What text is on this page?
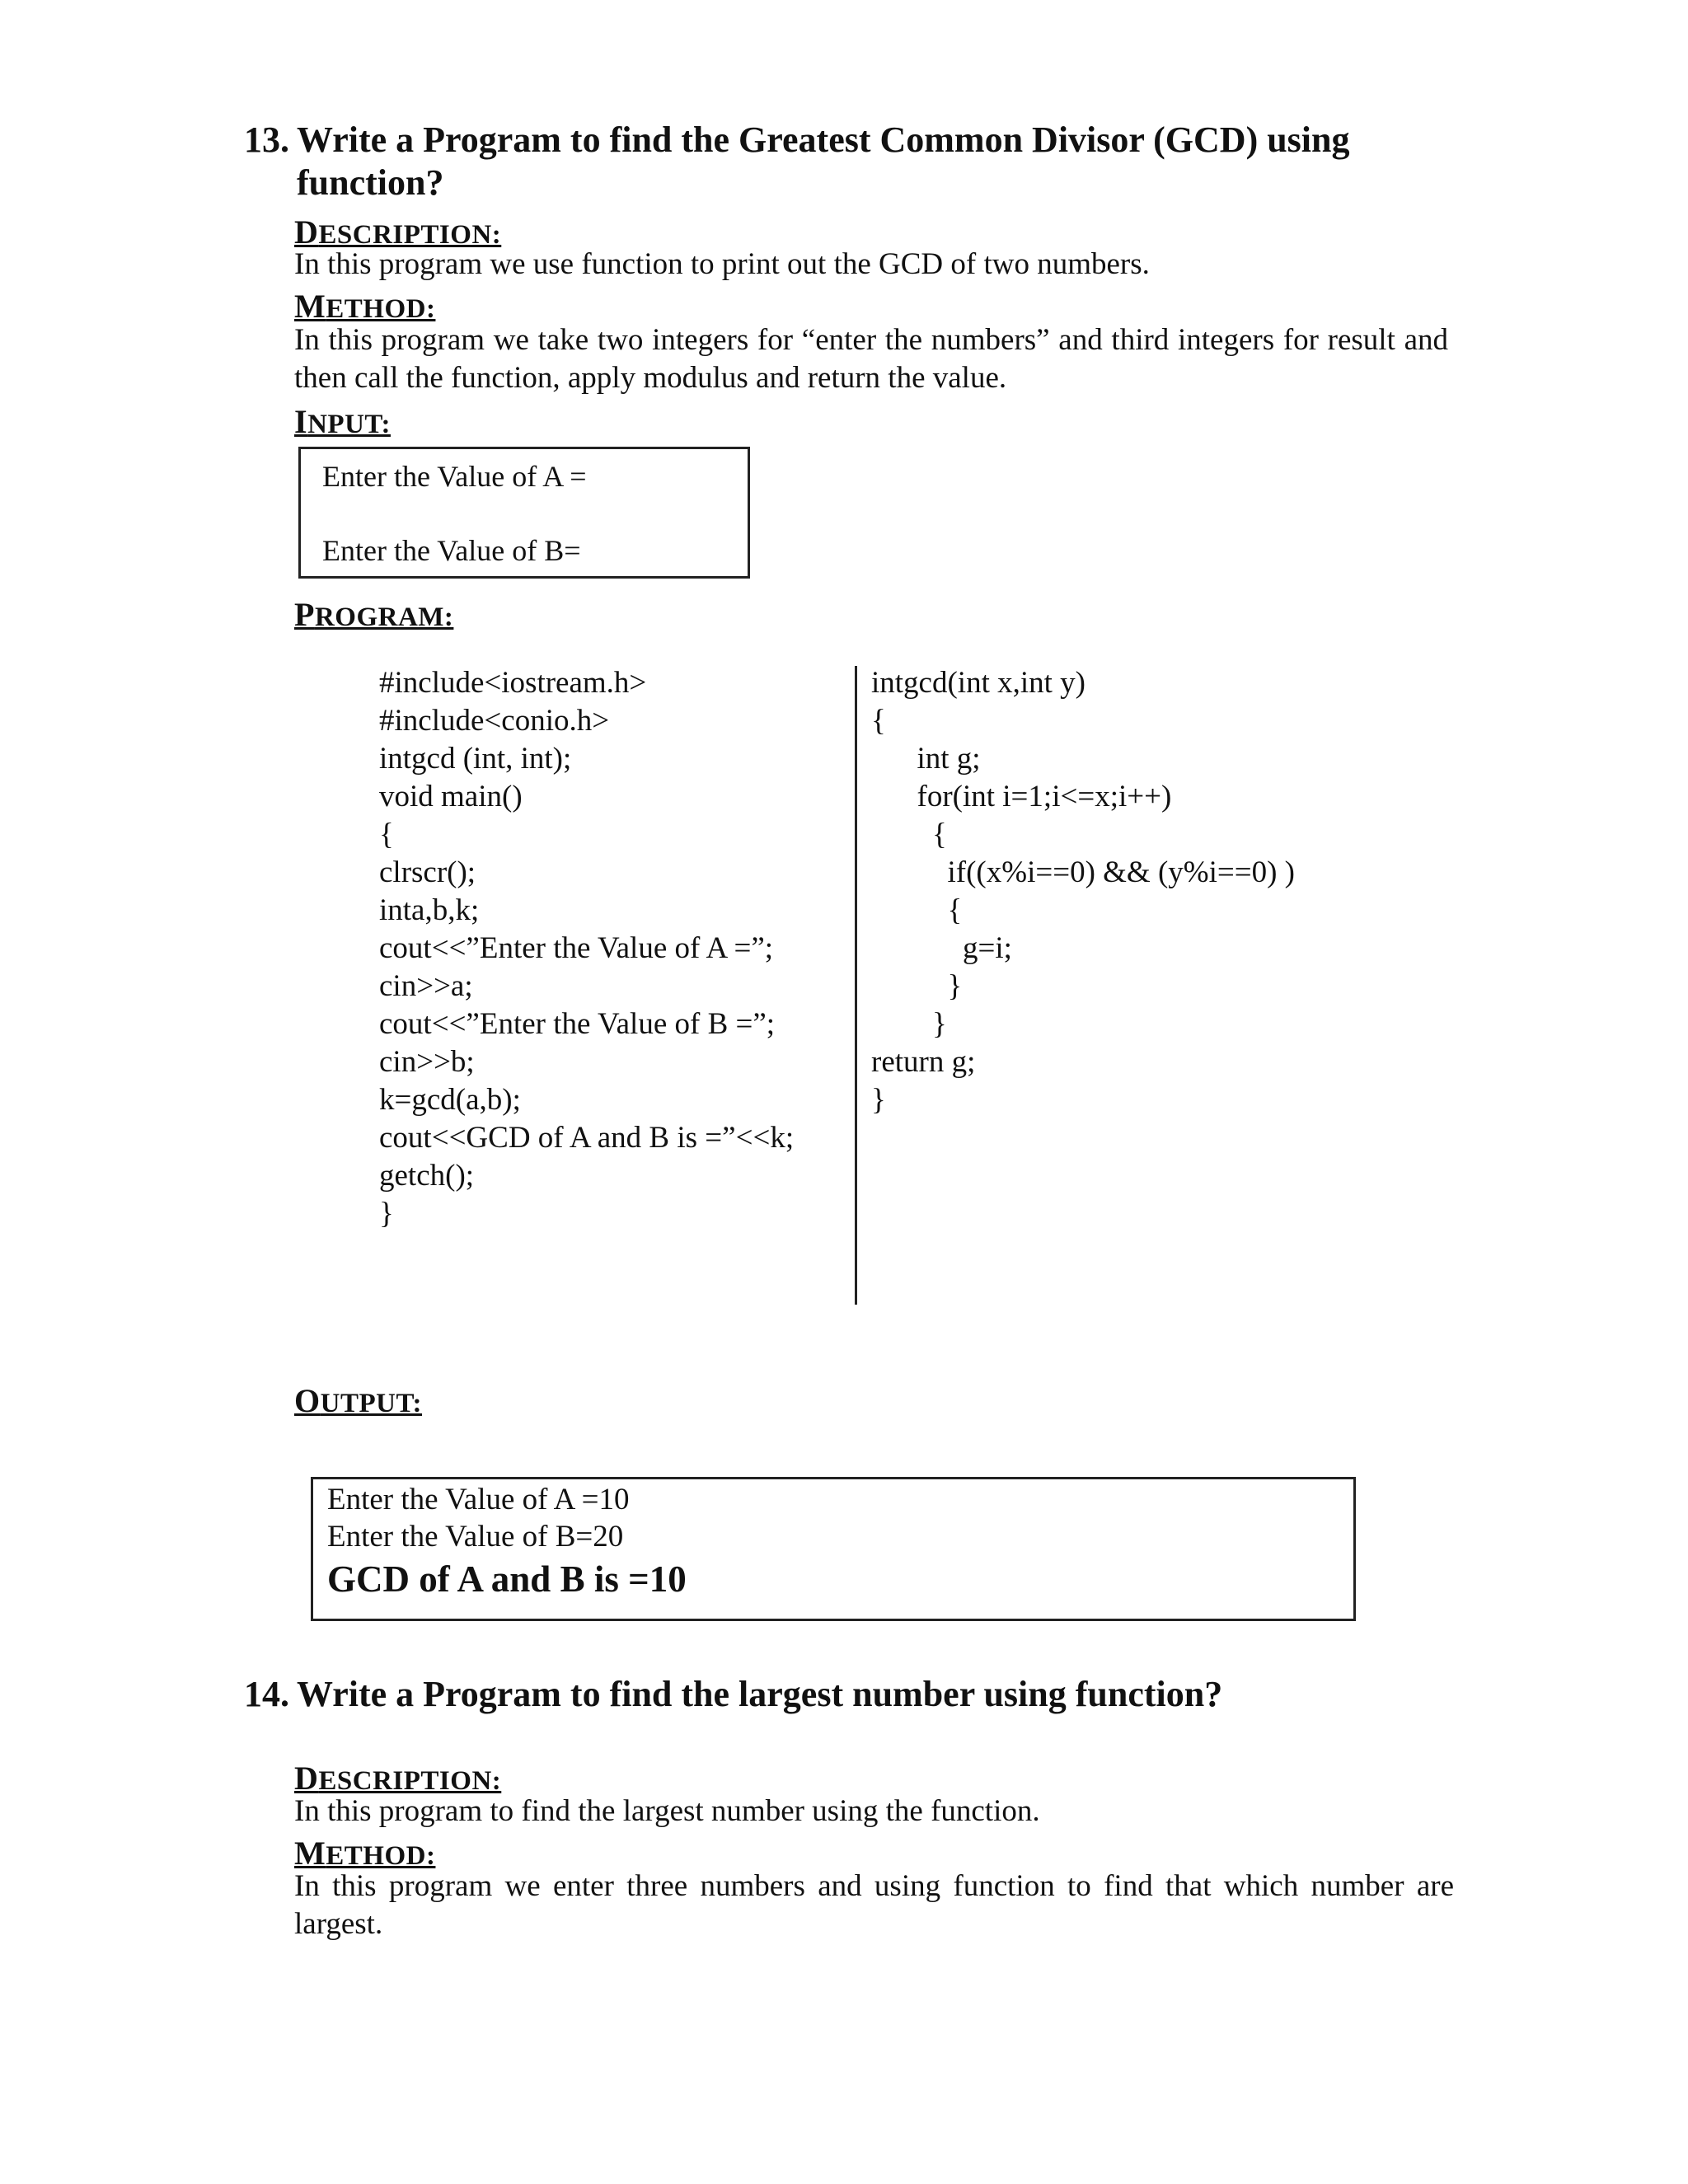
13. Write a Program to find the Greatest Common Divisor (GCD) using
function?
DESCRIPTION:
In this program we use function to print out the GCD of two numbers.
METHOD:
In this program we take two integers for “enter the numbers” and third integers for result and then call the function, apply modulus and return the value.
INPUT:
Enter the Value of A =
Enter the Value of B=
PROGRAM:
#include<iostream.h>
#include<conio.h>
intgcd (int, int);
void main()
{
clrscr();
inta,b,k;
cout<<”Enter the Value of A =”;
cin>>a;
cout<<”Enter the Value of B =”;
cin>>b;
k=gcd(a,b);
cout<<GCD of A and B is =”<<k;
getch();
}
intgcd(int x,int y)
{
int g;
for(int i=1;i<=x;i++)
{
if((x%i==0) && (y%i==0) )
{
g=i;
}
}
return g;
}
OUTPUT:
Enter the Value of A =10
Enter the Value of B=20
GCD of A and B is =10
14. Write a Program to find the largest number using function?
DESCRIPTION:
In this program to find the largest number using the function.
METHOD:
In this program we enter three numbers and using function to find that which number are largest.
